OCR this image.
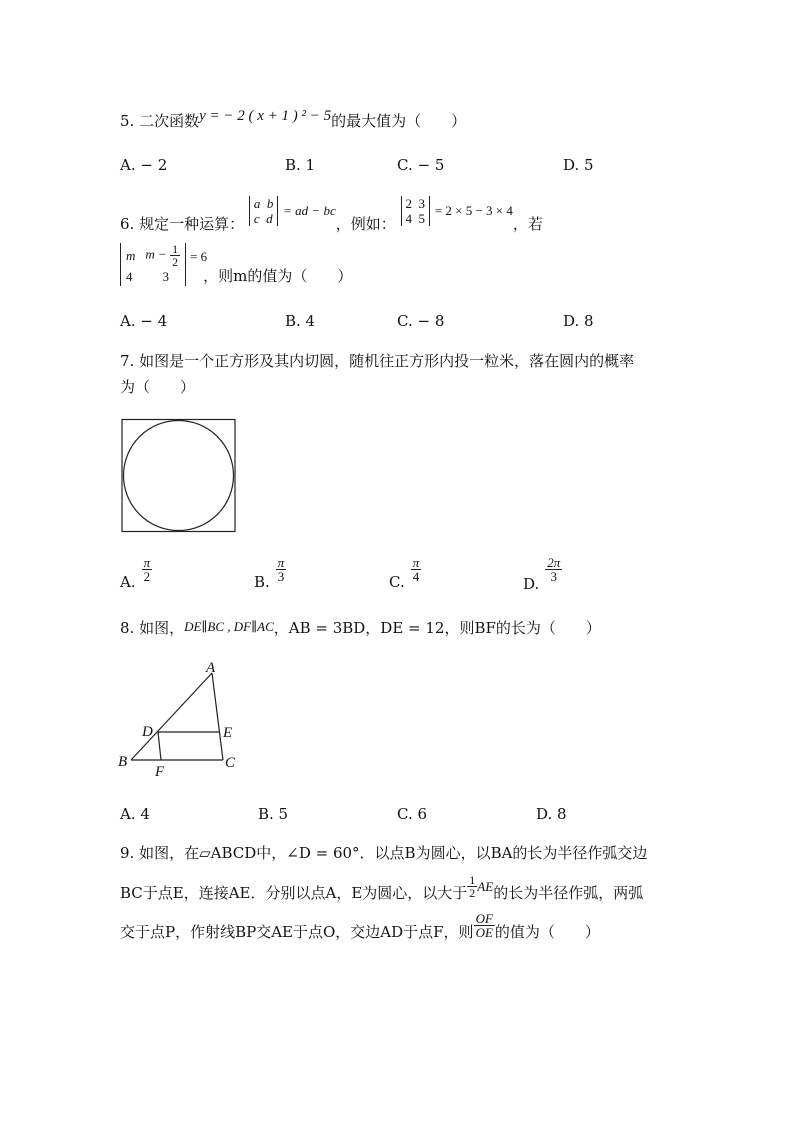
5. 二次函数y = − 2 ( x + 1 ) ² − 5的最大值为（　　）
A. − 2	B. 1	C. − 5	D. 5
6. 规定一种运算： a b
c d = ad − bc，例如： 2 3
4 5 = 2 × 5 − 3 × 4，若
m $m - \frac{1}{2}$
4 3
= 6
，则m的值为（　　）
A. − 4	B. 4	C. − 8	D. 8
7. 如图是一个正方形及其内切圆，随机往正方形内投一粒米，落在圆内的概率
为（　　）
A. $\frac{\pi}{2}$	B. $\frac{\pi}{3}$	C. $\frac{\pi}{4}$
D.
$\frac{2\pi}{3}$
8. 如图，DE∥BC , DF∥AC，AB = 3BD，DE = 12，则BF的长为（　　）
A
D	E
B
F
C
A. 4	B. 5	C. 6	D. 8
9. 如图，在▱ABCD中，∠D = 60°．以点B为圆心，以BA的长为半径作弧交边
BC于点E，连接AE．分别以点A，E为圆心，以大于 $\frac{1}{2}$ AE 的长为半径作弧，两弧
交于点P，作射线BP交AE于点O，交边AD于点F，则 $\frac{OF}{OE}$ 的值为（　　）
